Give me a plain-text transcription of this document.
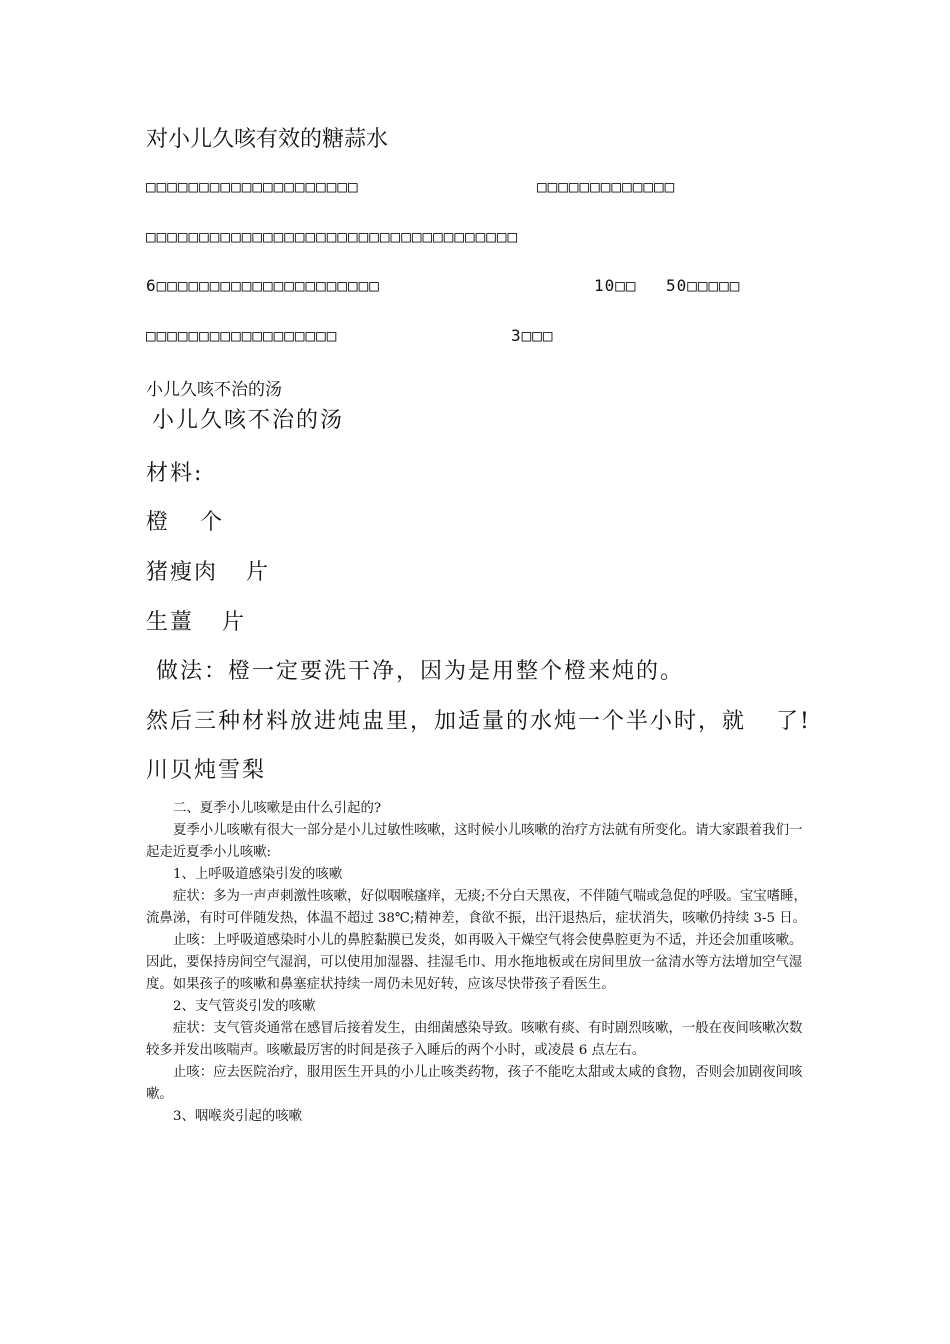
对小儿久咳有效的糖蒜水
□□□□□□□□□□□□□□□□□□□□	□□□□□□□□□□□□□
□□□□□□□□□□□□□□□□□□□□□□□□□□□□□□□□□□□
6□□□□□□□□□□□□□□□□□□□□□	10□□ 50□□□□□
□□□□□□□□□□□□□□□□□□	3□□□
小儿久咳不治的汤
小儿久咳不治的汤
材料:
橙 个
猪瘦肉 片
生薑 片
做法：橙一定要洗干净，因为是用整个橙来炖的。
然后三种材料放进炖盅里，加适量的水炖一个半小时，就 了!
川贝炖雪梨

二、夏季小儿咳嗽是由什么引起的?

夏季小儿咳嗽有很大一部分是小儿过敏性咳嗽，这时候小儿咳嗽的治疗方法就有所变化。请大家跟着我们一起走近夏季小儿咳嗽:

1、上呼吸道感染引发的咳嗽

症状：多为一声声刺激性咳嗽，好似咽喉瘙痒，无痰;不分白天黑夜，不伴随气喘或急促的呼吸。宝宝嗜睡，流鼻涕，有时可伴随发热，体温不超过 38℃;精神差，食欲不振，出汗退热后，症状消失，咳嗽仍持续 3-5 日。

止咳：上呼吸道感染时小儿的鼻腔黏膜已发炎，如再吸入干燥空气将会使鼻腔更为不适，并还会加重咳嗽。因此，要保持房间空气湿润，可以使用加湿器、挂湿毛巾、用水拖地板或在房间里放一盆清水等方法增加空气湿度。如果孩子的咳嗽和鼻塞症状持续一周仍未见好转，应该尽快带孩子看医生。

2、支气管炎引发的咳嗽

症状：支气管炎通常在感冒后接着发生，由细菌感染导致。咳嗽有痰、有时剧烈咳嗽，一般在夜间咳嗽次数较多并发出咳喘声。咳嗽最厉害的时间是孩子入睡后的两个小时，或凌晨 6 点左右。

止咳：应去医院治疗，服用医生开具的小儿止咳类药物，孩子不能吃太甜或太咸的食物，否则会加剧夜间咳嗽。

3、咽喉炎引起的咳嗽
